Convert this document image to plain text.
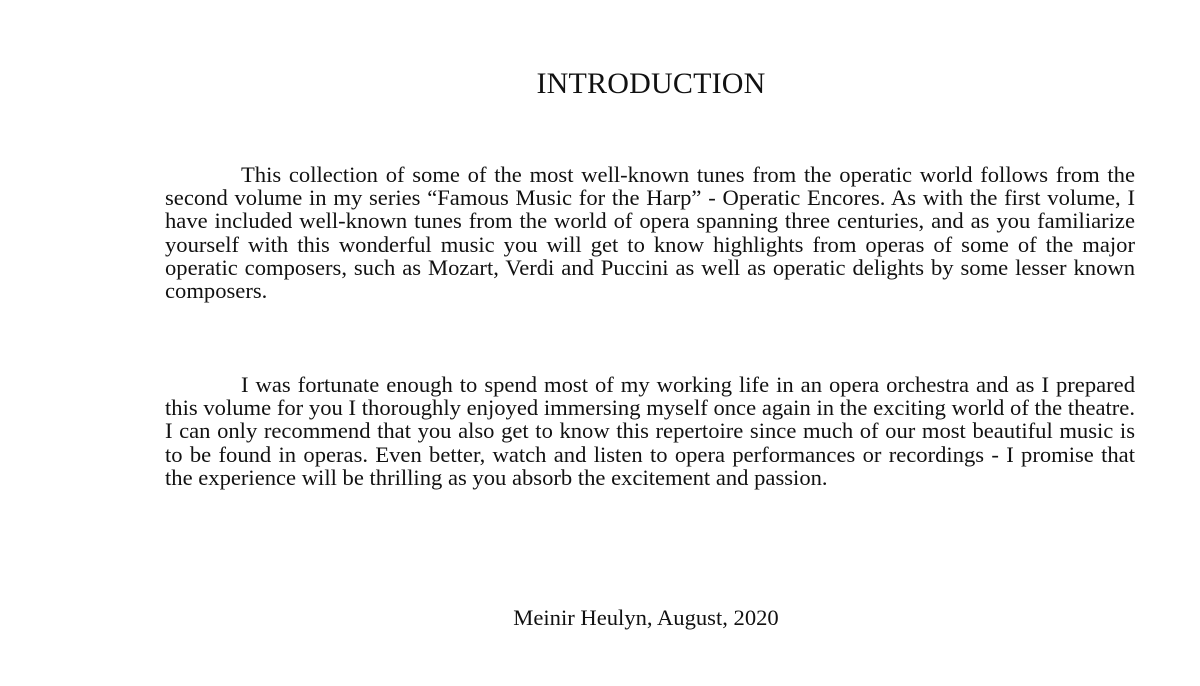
INTRODUCTION

This collection of some of the most well-known tunes from the operatic world follows from the second volume in my series “Famous Music for the Harp” - Operatic Encores. As with the first volume, I have included well-known tunes from the world of opera spanning three centuries, and as you familiarize yourself with this wonderful music you will get to know highlights from operas of some of the major operatic composers, such as Mozart, Verdi and Puccini as well as operatic delights by some lesser known composers.

I was fortunate enough to spend most of my working life in an opera orchestra and as I prepared this volume for you I thoroughly enjoyed immersing myself once again in the exciting world of the theatre. I can only recommend that you also get to know this repertoire since much of our most beautiful music is to be found in operas. Even better, watch and listen to opera performances or recordings - I promise that the experience will be thrilling as you absorb the excitement and passion.

Meinir Heulyn, August, 2020
